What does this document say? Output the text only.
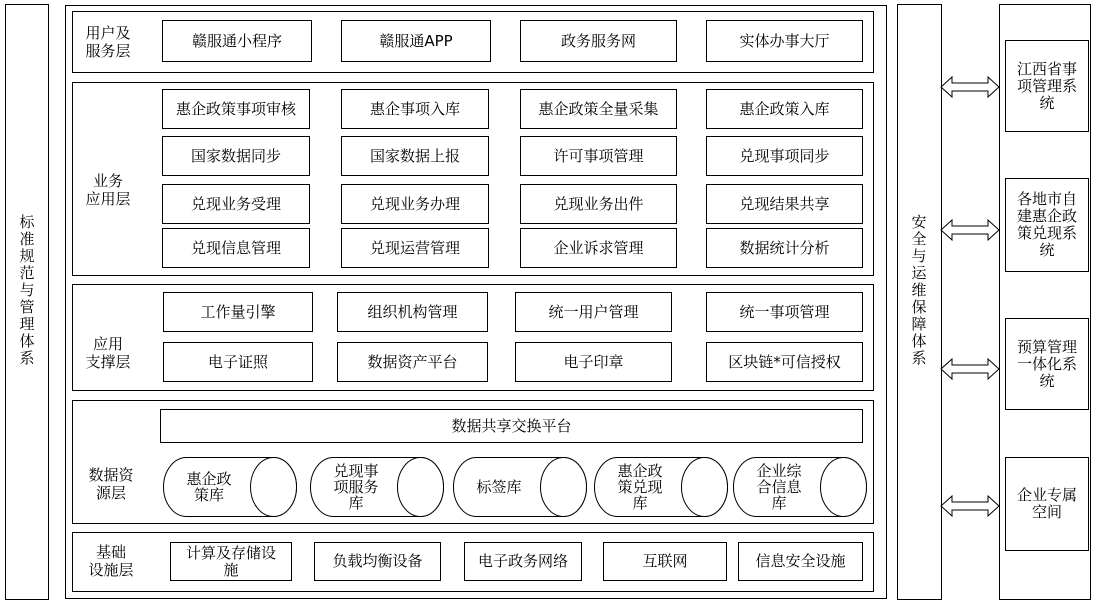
标准规范与管理体系
用户及
服务层
赣服通小程序	赣服通APP	政务服务网	实体办事大厅
业务
应用层
惠企政策事项审核	惠企事项入库	惠企政策全量采集	惠企政策入库
国家数据同步	国家数据上报	许可事项管理	兑现事项同步
兑现业务受理	兑现业务办理	兑现业务出件	兑现结果共享
兑现信息管理	兑现运营管理	企业诉求管理	数据统计分析
应用
支撑层
工作量引擎	组织机构管理	统一用户管理	统一事项管理
电子证照	数据资产平台	电子印章	区块链*可信授权
数据资
源层
数据共享交换平台
惠企政
策库
兑现事
项服务
库
标签库
惠企政
策兑现
库
企业综
合信息
库
基础
设施层
计算及存储设
施	负载均衡设备	电子政务网络	互联网	信息安全设施
安全与运维保障体系
江西省事
项管理系
统
各地市自
建惠企政
策兑现系
统
预算管理
一体化系
统
企业专属
空间
